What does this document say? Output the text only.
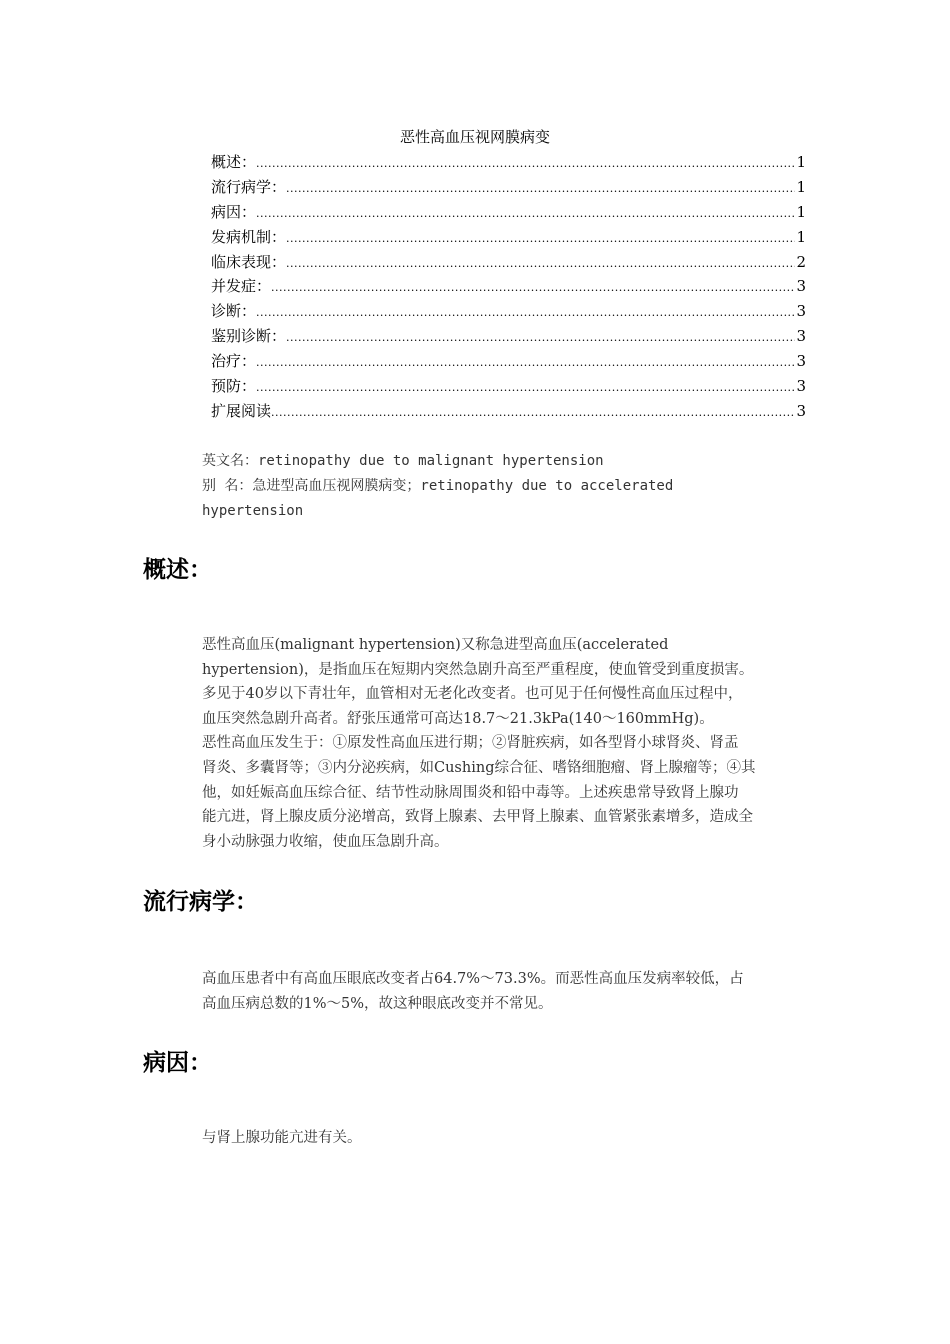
恶性高血压视网膜病变
概述： .....	1
流行病学： .....	1
病因： .....	1
发病机制： .....	1
临床表现： .....	2
并发症： .....	3
诊断： .....	3
鉴别诊断： .....	3
治疗： .....	3
预防： .....	3
扩展阅读 .....	3
英文名：retinopathy due to malignant hypertension
别 名：急进型高血压视网膜病变；retinopathy due to accelerated
hypertension
概述：

恶性高血压(malignant hypertension)又称急进型高血压(accelerated

hypertension)，是指血压在短期内突然急剧升高至严重程度，使血管受到重度损害。

多见于40岁以下青壮年，血管相对无老化改变者。也可见于任何慢性高血压过程中，

血压突然急剧升高者。舒张压通常可高达18.7～21.3kPa(140～160mmHg)。

恶性高血压发生于：①原发性高血压进行期；②肾脏疾病，如各型肾小球肾炎、肾盂

肾炎、多囊肾等；③内分泌疾病，如Cushing综合征、嗜铬细胞瘤、肾上腺瘤等；④其

他，如妊娠高血压综合征、结节性动脉周围炎和铅中毒等。上述疾患常导致肾上腺功

能亢进，肾上腺皮质分泌增高，致肾上腺素、去甲肾上腺素、血管紧张素增多，造成全

身小动脉强力收缩，使血压急剧升高。

流行病学：

高血压患者中有高血压眼底改变者占64.7%～73.3%。而恶性高血压发病率较低，占

高血压病总数的1%～5%，故这种眼底改变并不常见。

病因：

与肾上腺功能亢进有关。
